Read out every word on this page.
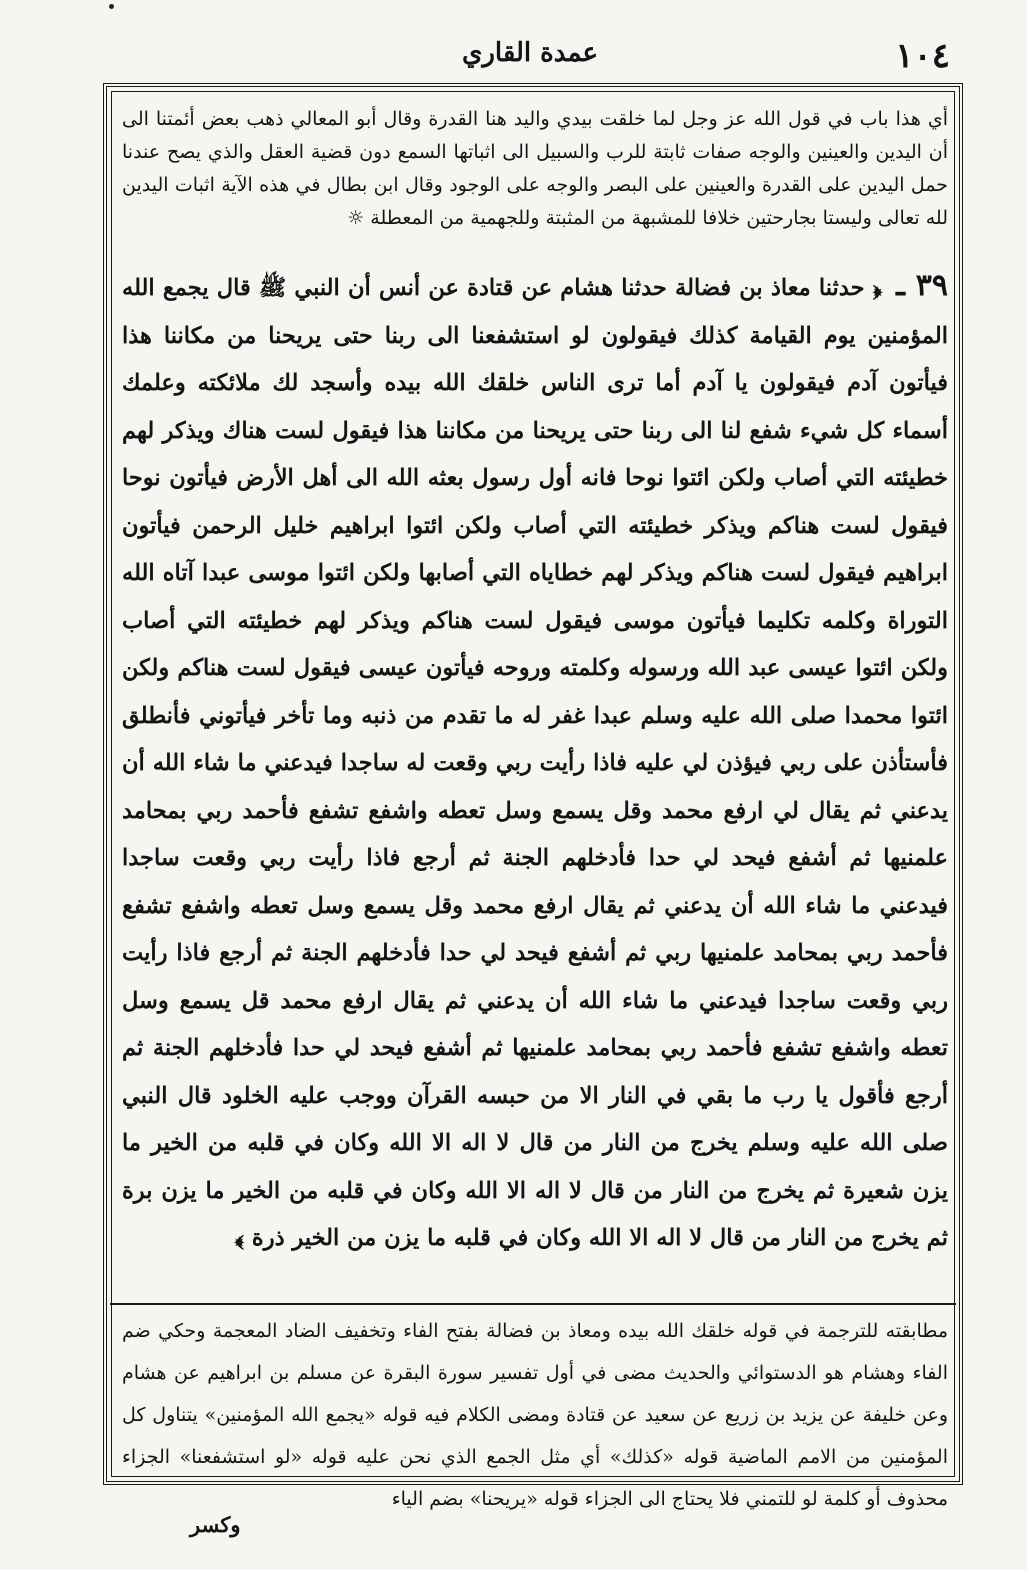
١٠٤
عمدة القاري
أي هذا باب في قول الله عز وجل لما خلقت بيدي واليد هنا القدرة وقال أبو المعالي ذهب بعض أئمتنا الى أن اليدين والعينين والوجه صفات ثابتة للرب والسبيل الى اثباتها السمع دون قضية العقل والذي يصح عندنا حمل اليدين على القدرة والعينين على البصر والوجه على الوجود وقال ابن بطال في هذه الآية اثبات اليدين لله تعالى وليستا بجارحتين خلافا للمشبهة من المثبتة وللجهمية من المعطلة ☼
٣٩ ـ ﴿ حدثنا معاذ بن فضالة حدثنا هشام عن قتادة عن أنس أن النبي ﷺ قال يجمع الله المؤمنين يوم القيامة كذلك فيقولون لو استشفعنا الى ربنا حتى يريحنا من مكاننا هذا فيأتون آدم فيقولون يا آدم أما ترى الناس خلقك الله بيده وأسجد لك ملائكته وعلمك أسماء كل شيء شفع لنا الى ربنا حتى يريحنا من مكاننا هذا فيقول لست هناك ويذكر لهم خطيئته التي أصاب ولكن ائتوا نوحا فانه أول رسول بعثه الله الى أهل الأرض فيأتون نوحا فيقول لست هناكم ويذكر خطيئته التي أصاب ولكن ائتوا ابراهيم خليل الرحمن فيأتون ابراهيم فيقول لست هناكم ويذكر لهم خطاياه التي أصابها ولكن ائتوا موسى عبدا آتاه الله التوراة وكلمه تكليما فيأتون موسى فيقول لست هناكم ويذكر لهم خطيئته التي أصاب ولكن ائتوا عيسى عبد الله ورسوله وكلمته وروحه فيأتون عيسى فيقول لست هناكم ولكن ائتوا محمدا صلى الله عليه وسلم عبدا غفر له ما تقدم من ذنبه وما تأخر فيأتوني فأنطلق فأستأذن على ربي فيؤذن لي عليه فاذا رأيت ربي وقعت له ساجدا فيدعني ما شاء الله أن يدعني ثم يقال لي ارفع محمد وقل يسمع وسل تعطه واشفع تشفع فأحمد ربي بمحامد علمنيها ثم أشفع فيحد لي حدا فأدخلهم الجنة ثم أرجع فاذا رأيت ربي وقعت ساجدا فيدعني ما شاء الله أن يدعني ثم يقال ارفع محمد وقل يسمع وسل تعطه واشفع تشفع فأحمد ربي بمحامد علمنيها ربي ثم أشفع فيحد لي حدا فأدخلهم الجنة ثم أرجع فاذا رأيت ربي وقعت ساجدا فيدعني ما شاء الله أن يدعني ثم يقال ارفع محمد قل يسمع وسل تعطه واشفع تشفع فأحمد ربي بمحامد علمنيها ثم أشفع فيحد لي حدا فأدخلهم الجنة ثم أرجع فأقول يا رب ما بقي في النار الا من حبسه القرآن ووجب عليه الخلود قال النبي صلى الله عليه وسلم يخرج من النار من قال لا اله الا الله وكان في قلبه من الخير ما يزن شعيرة ثم يخرج من النار من قال لا اله الا الله وكان في قلبه من الخير ما يزن برة ثم يخرج من النار من قال لا اله الا الله وكان في قلبه ما يزن من الخير ذرة ﴾
مطابقته للترجمة في قوله خلقك الله بيده ومعاذ بن فضالة بفتح الفاء وتخفيف الضاد المعجمة وحكي ضم الفاء وهشام هو الدستوائي والحديث مضى في أول تفسير سورة البقرة عن مسلم بن ابراهيم عن هشام وعن خليفة عن يزيد بن زريع عن سعيد عن قتادة ومضى الكلام فيه قوله «يجمع الله المؤمنين» يتناول كل المؤمنين من الامم الماضية قوله «كذلك» أي مثل الجمع الذي نحن عليه قوله «لو استشفعنا» الجزاء محذوف أو كلمة لو للتمني فلا يحتاج الى الجزاء قوله «يريحنا» بضم الياء
وكسر
